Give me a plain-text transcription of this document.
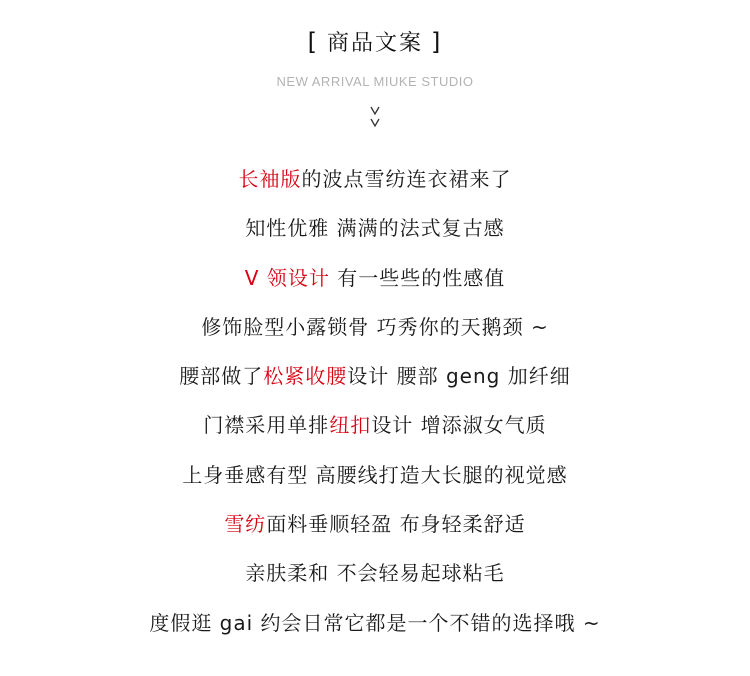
[ 商品文案 ]
NEW ARRIVAL MIUKE STUDIO
长袖版的波点雪纺连衣裙来了
知性优雅 满满的法式复古感
V 领设计 有一些些的性感值
修饰脸型小露锁骨 巧秀你的天鹅颈 ~
腰部做了松紧收腰设计 腰部 geng 加纤细
门襟采用单排纽扣设计 增添淑女气质
上身垂感有型 高腰线打造大长腿的视觉感
雪纺面料垂顺轻盈 布身轻柔舒适
亲肤柔和 不会轻易起球粘毛
度假逛 gai 约会日常它都是一个不错的选择哦 ~
